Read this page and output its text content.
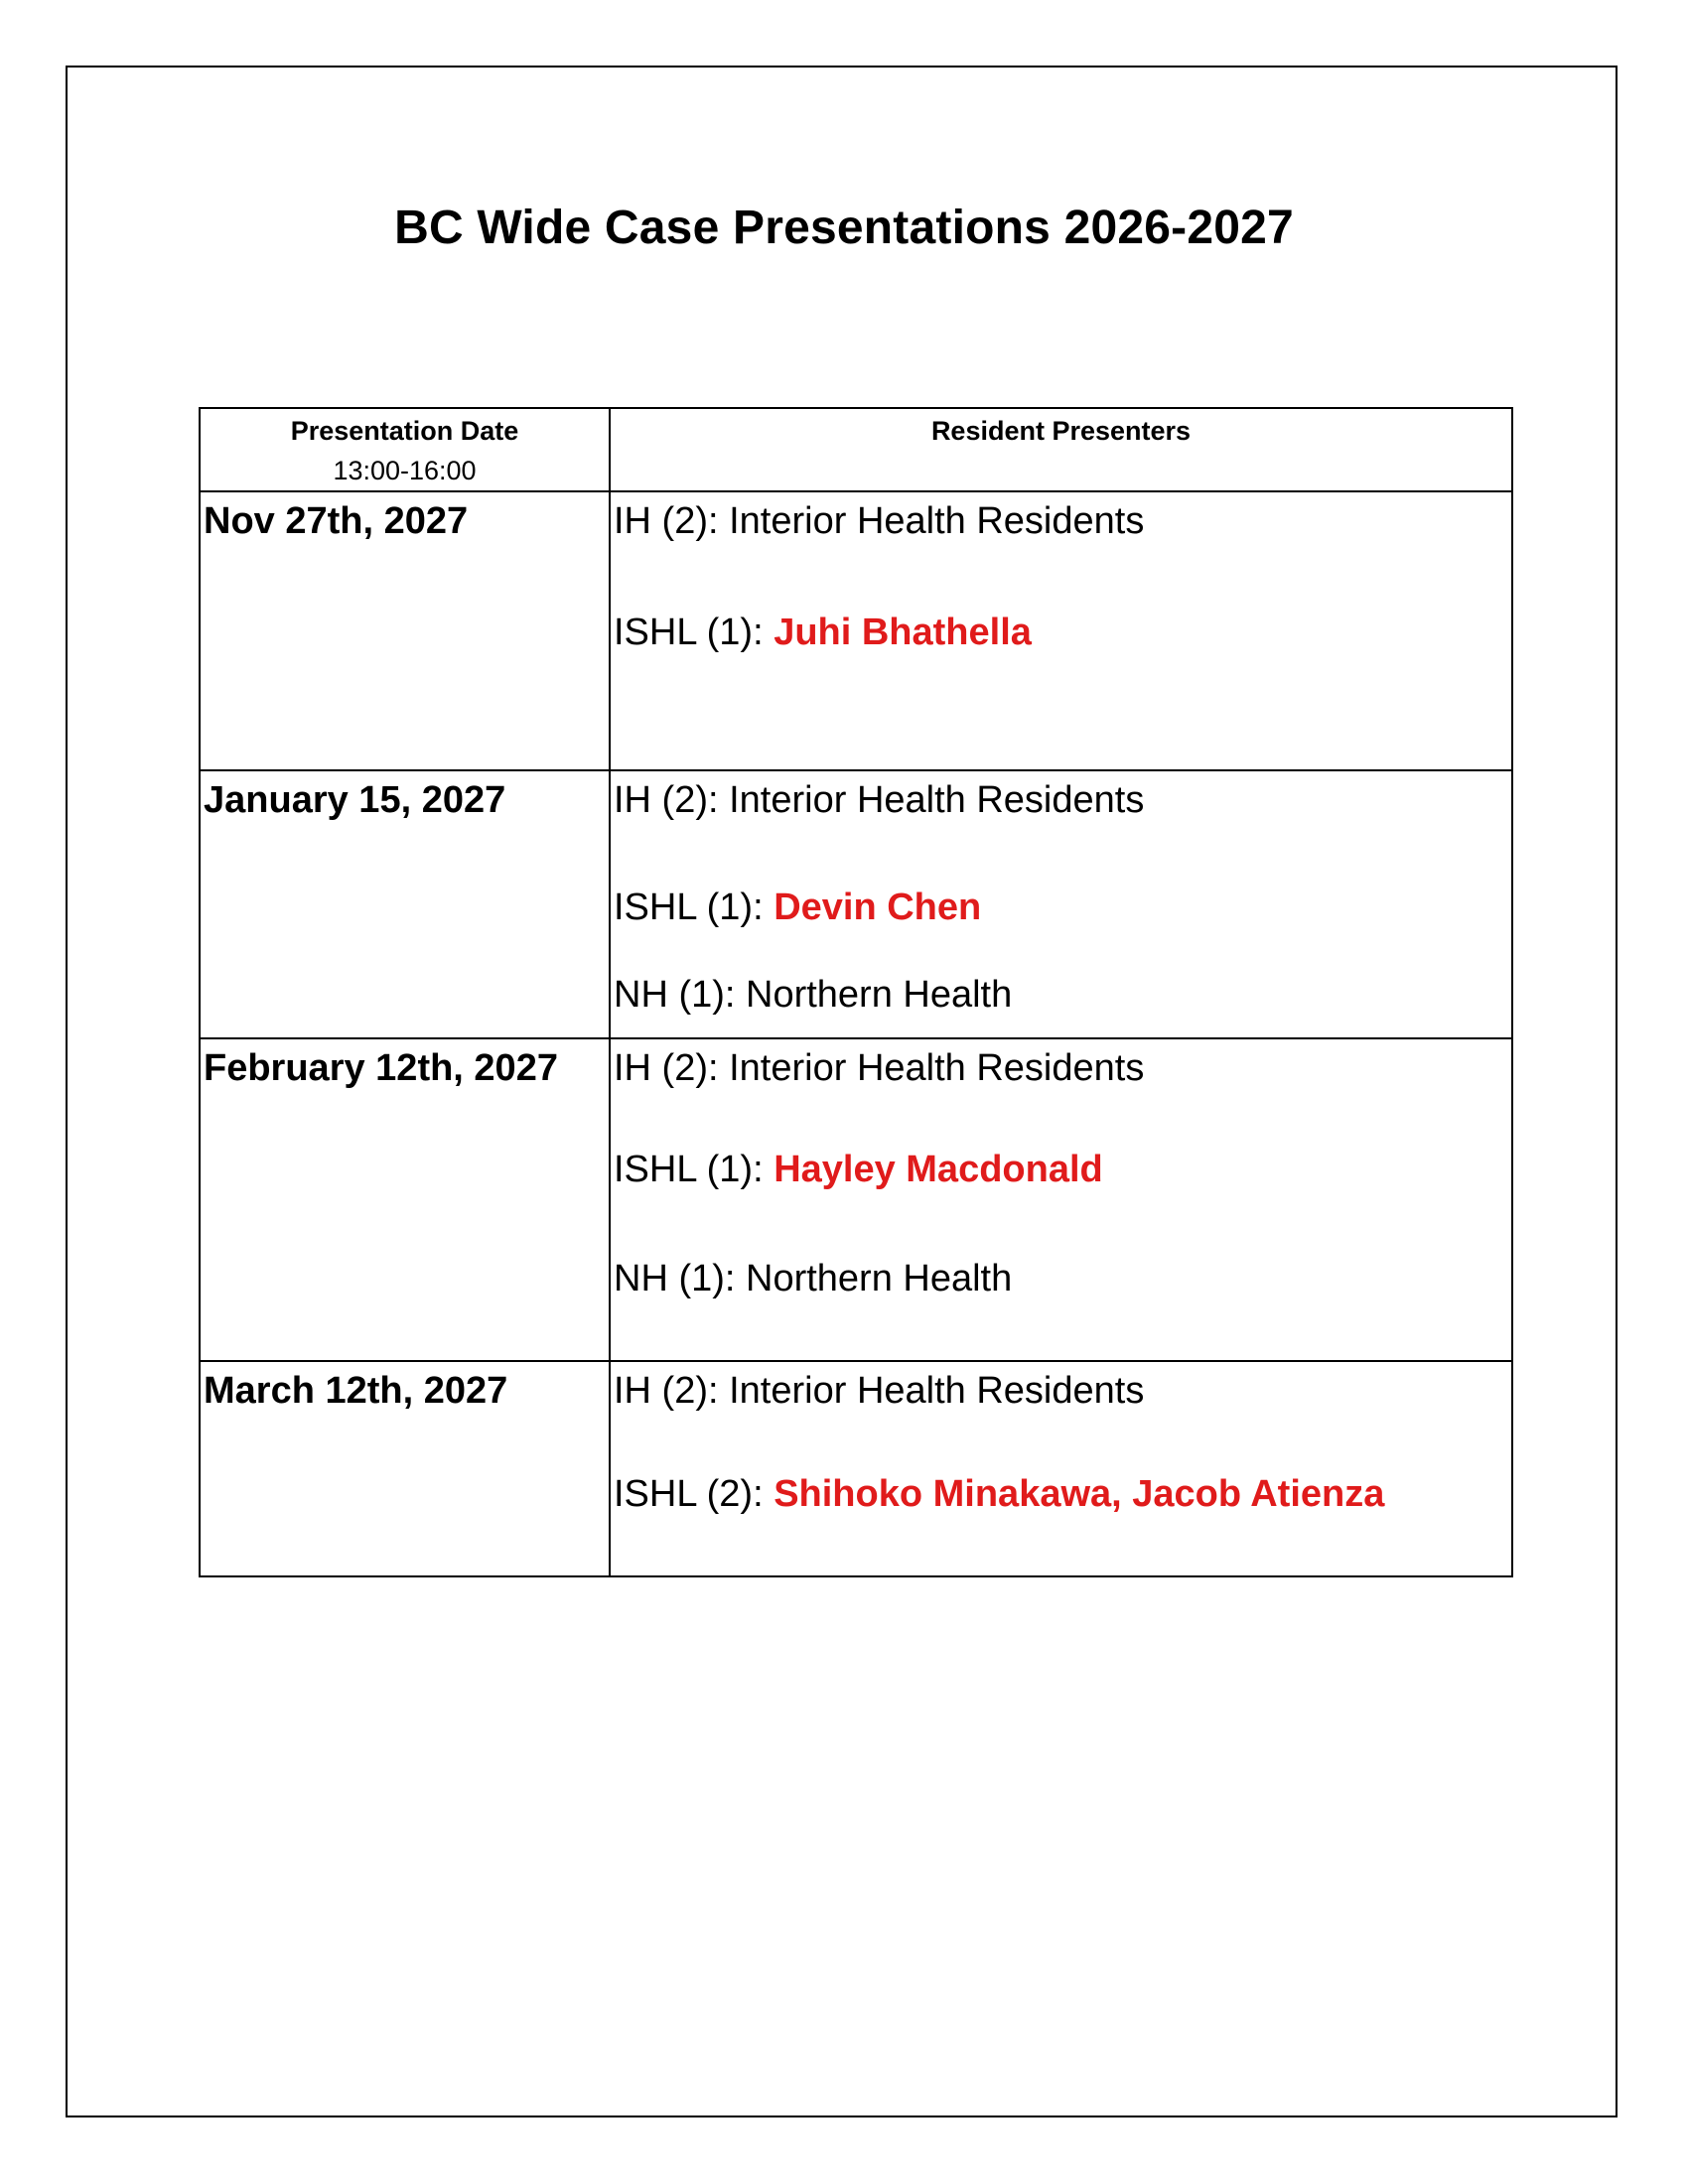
BC Wide Case Presentations 2026-2027
Presentation Date
13:00-16:00	Resident Presenters
Nov 27th, 2027	IH (2): Interior Health Residents
ISHL (1): Juhi Bhathella

January 15, 2027	IH (2): Interior Health Residents
ISHL (1): Devin Chen
NH (1): Northern Health

February 12th, 2027	IH (2): Interior Health Residents
ISHL (1): Hayley Macdonald
NH (1): Northern Health

March 12th, 2027	IH (2): Interior Health Residents
ISHL (2): Shihoko Minakawa, Jacob Atienza
